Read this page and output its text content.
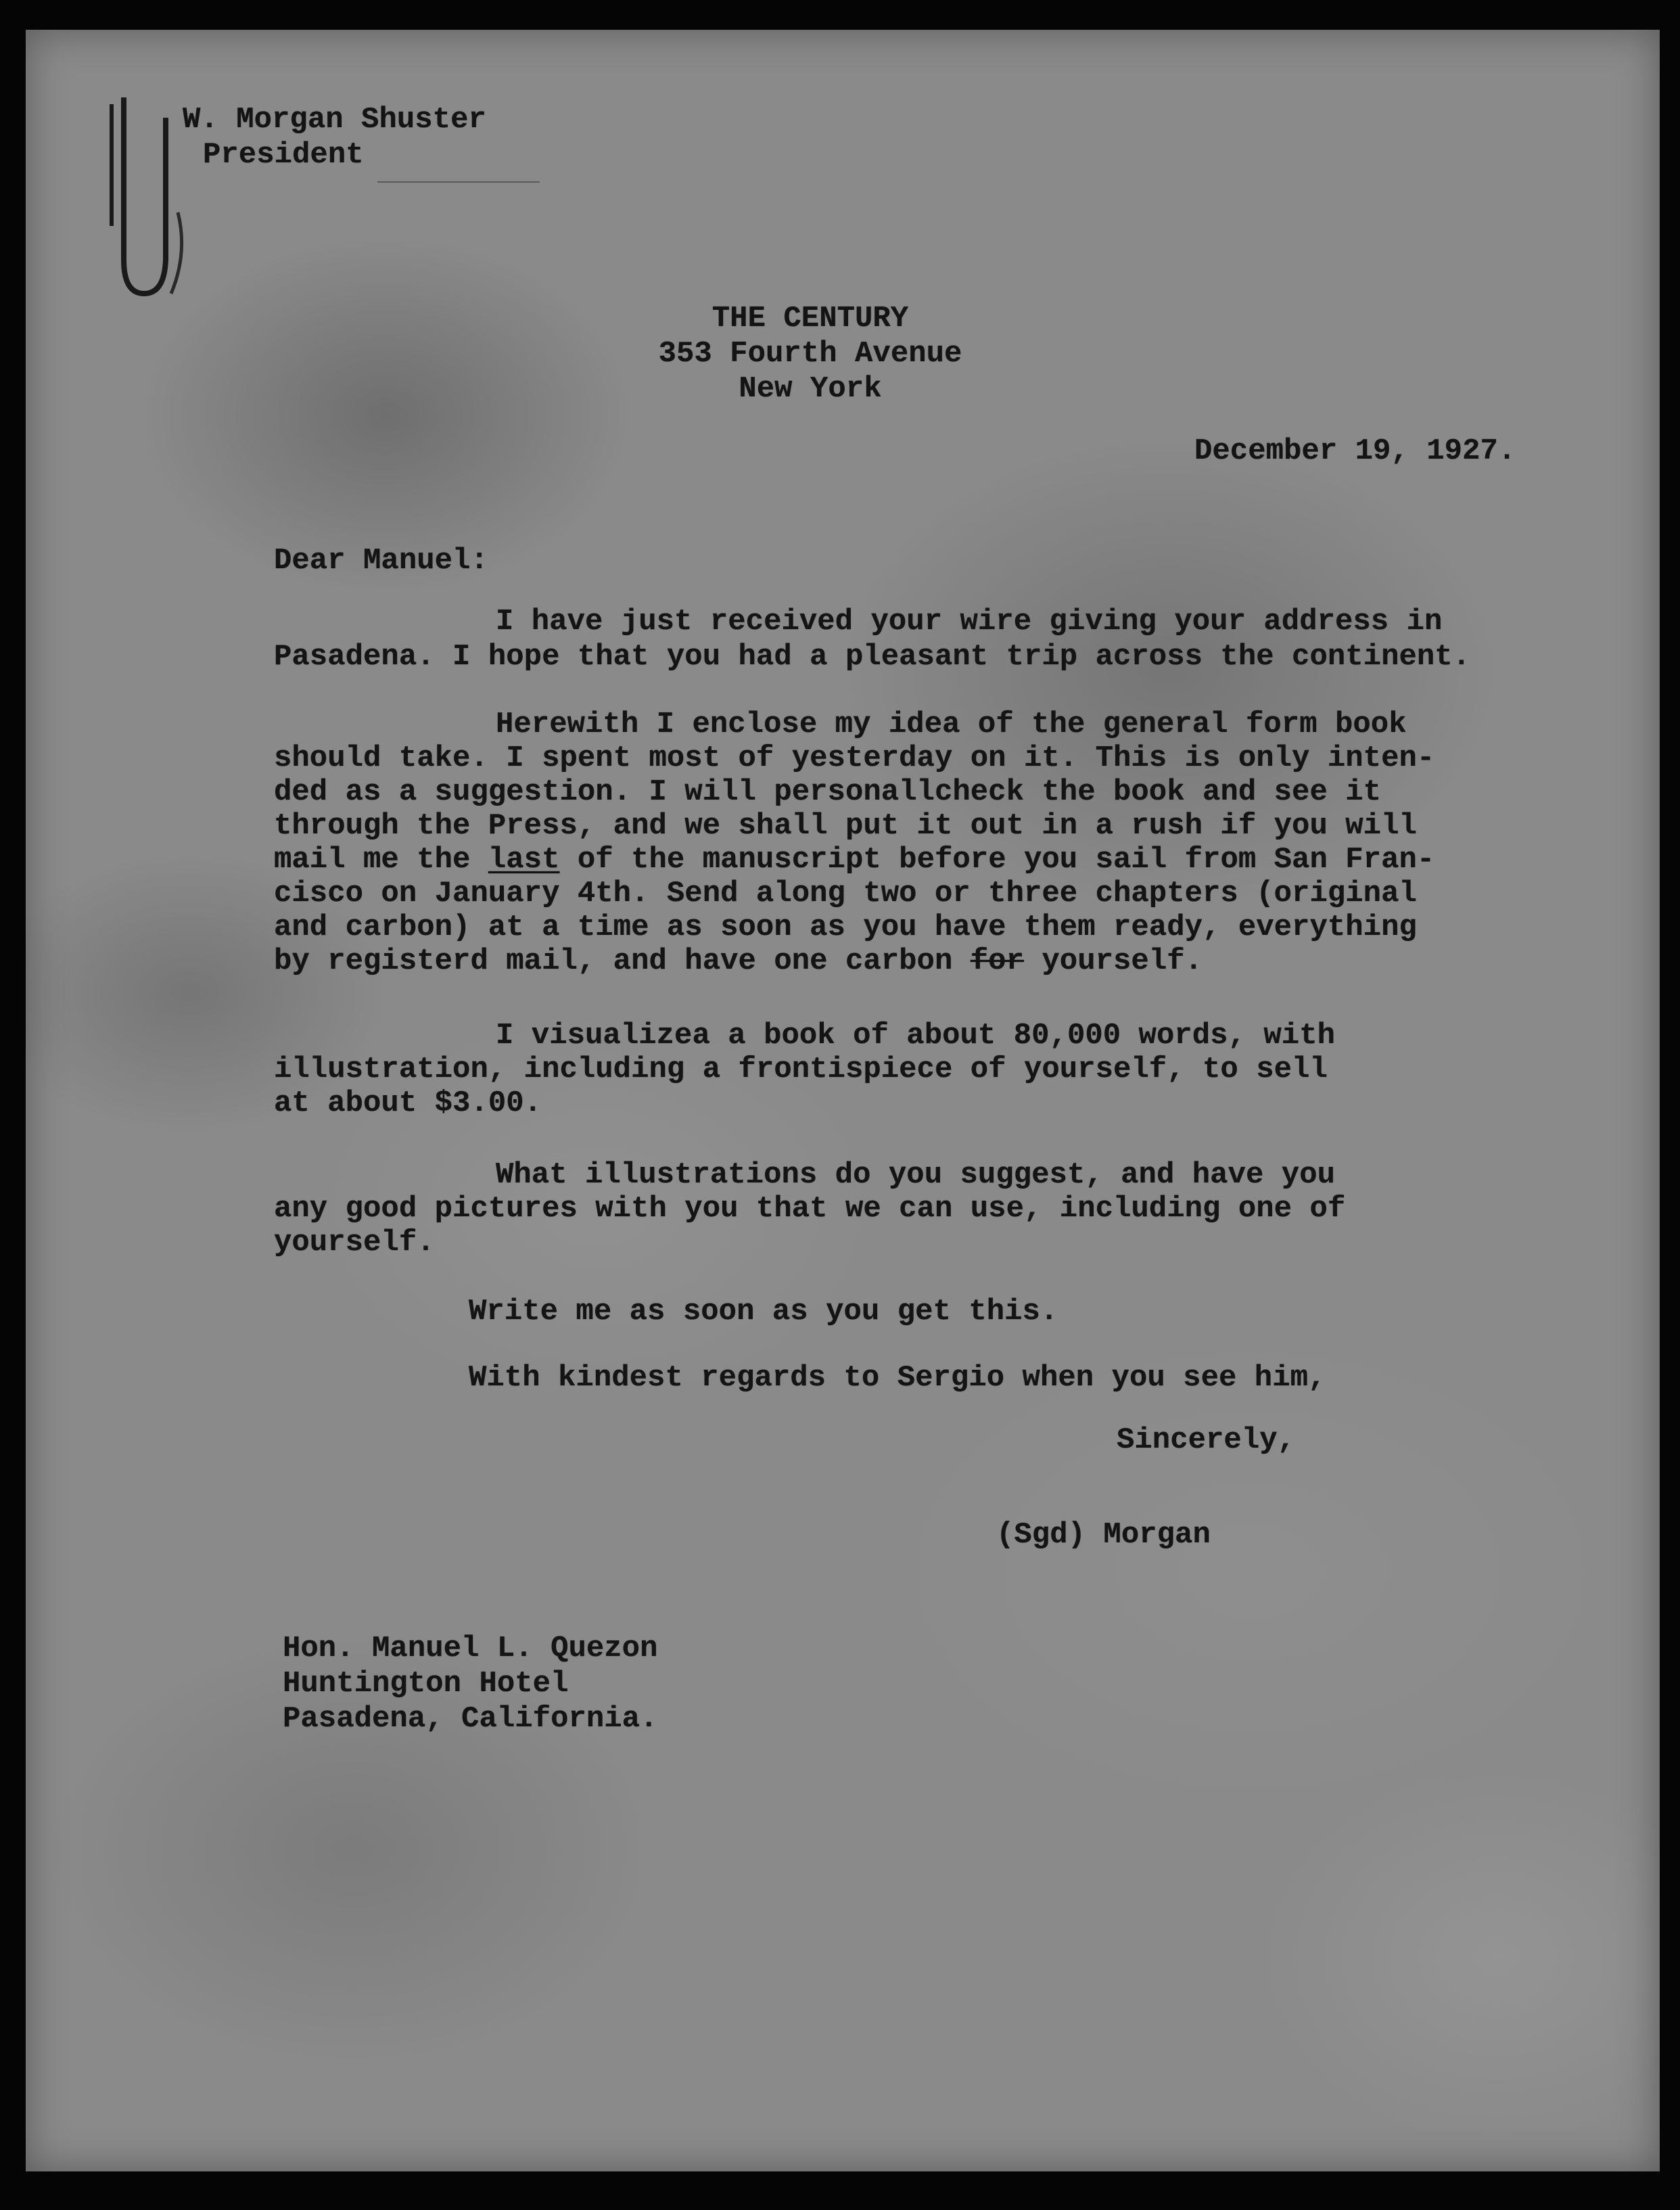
W. Morgan Shuster

President

THE CENTURY

353 Fourth Avenue

New York

December 19, 1927.

Dear Manuel:

I have just received your wire giving your address in

Pasadena. I hope that you had a pleasant trip across the continent.

Herewith I enclose my idea of the general form book

should take. I spent most of yesterday on it. This is only inten-

ded as a suggestion. I will personallcheck the book and see it

through the Press, and we shall put it out in a rush if you will

mail me the last of the manuscript before you sail from San Fran-

cisco on January 4th. Send along two or three chapters (original

and carbon) at a time as soon as you have them ready, everything

by registerd mail, and have one carbon for yourself.

I visualizea a book of about 80,000 words, with

illustration, including a frontispiece of yourself, to sell

at about $3.00.

What illustrations do you suggest, and have you

any good pictures with you that we can use, including one of

yourself.

Write me as soon as you get this.

With kindest regards to Sergio when you see him,

Sincerely,

(Sgd) Morgan

Hon. Manuel L. Quezon

Huntington Hotel

Pasadena, California.
